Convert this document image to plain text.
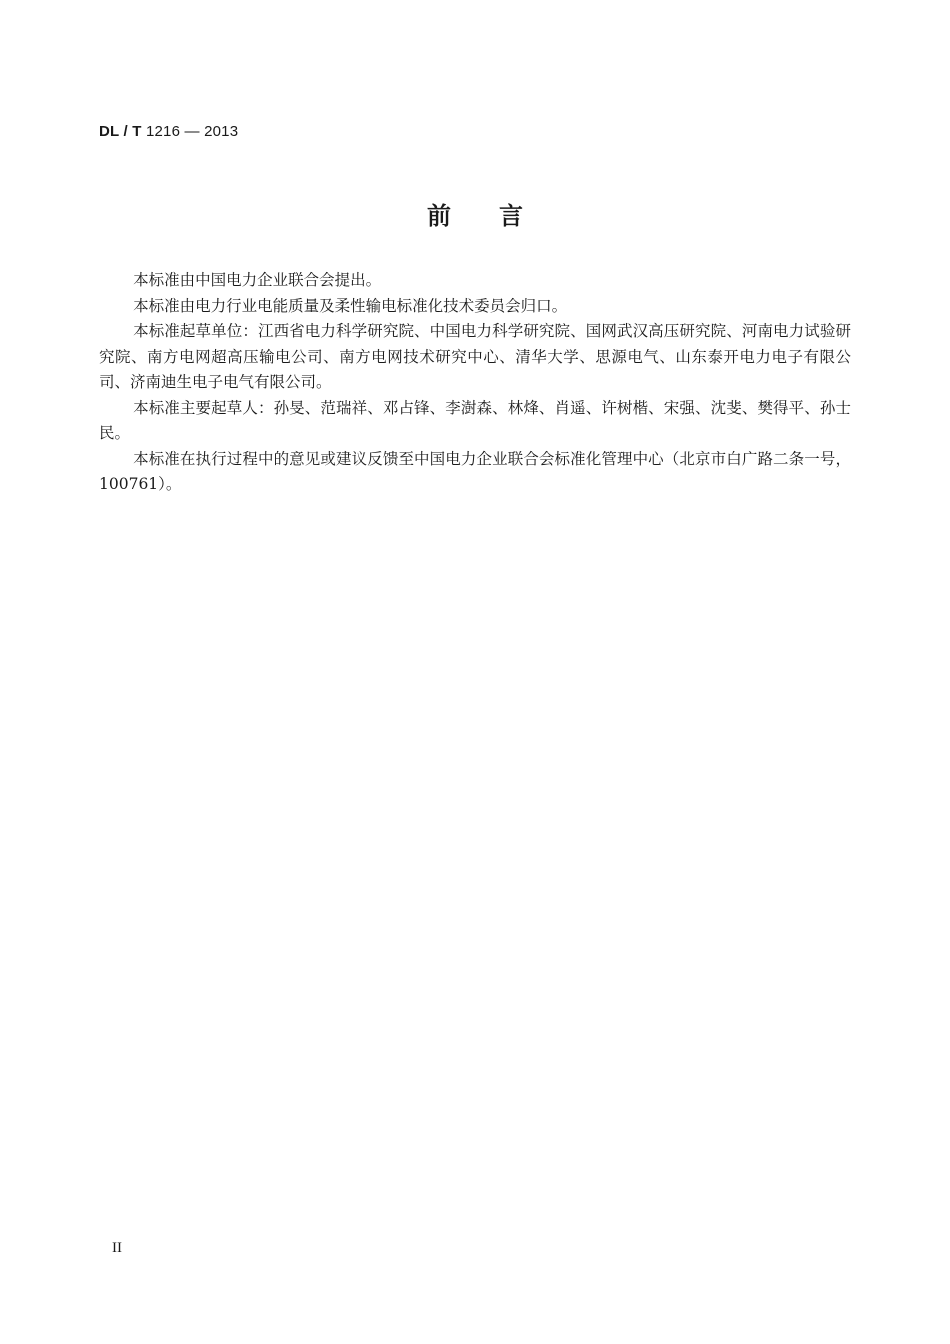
DL / T 1216 — 2013
前 言

本标准由中国电力企业联合会提出。

本标准由电力行业电能质量及柔性输电标准化技术委员会归口。

本标准起草单位：江西省电力科学研究院、中国电力科学研究院、国网武汉高压研究院、河南电力试验研究院、南方电网超高压输电公司、南方电网技术研究中心、清华大学、思源电气、山东泰开电力电子有限公司、济南迪生电子电气有限公司。

本标准主要起草人：孙旻、范瑞祥、邓占锋、李澍森、林烽、肖遥、许树楷、宋强、沈斐、樊得平、孙士民。

本标准在执行过程中的意见或建议反馈至中国电力企业联合会标准化管理中心（北京市白广路二条一号，100761）。

II
